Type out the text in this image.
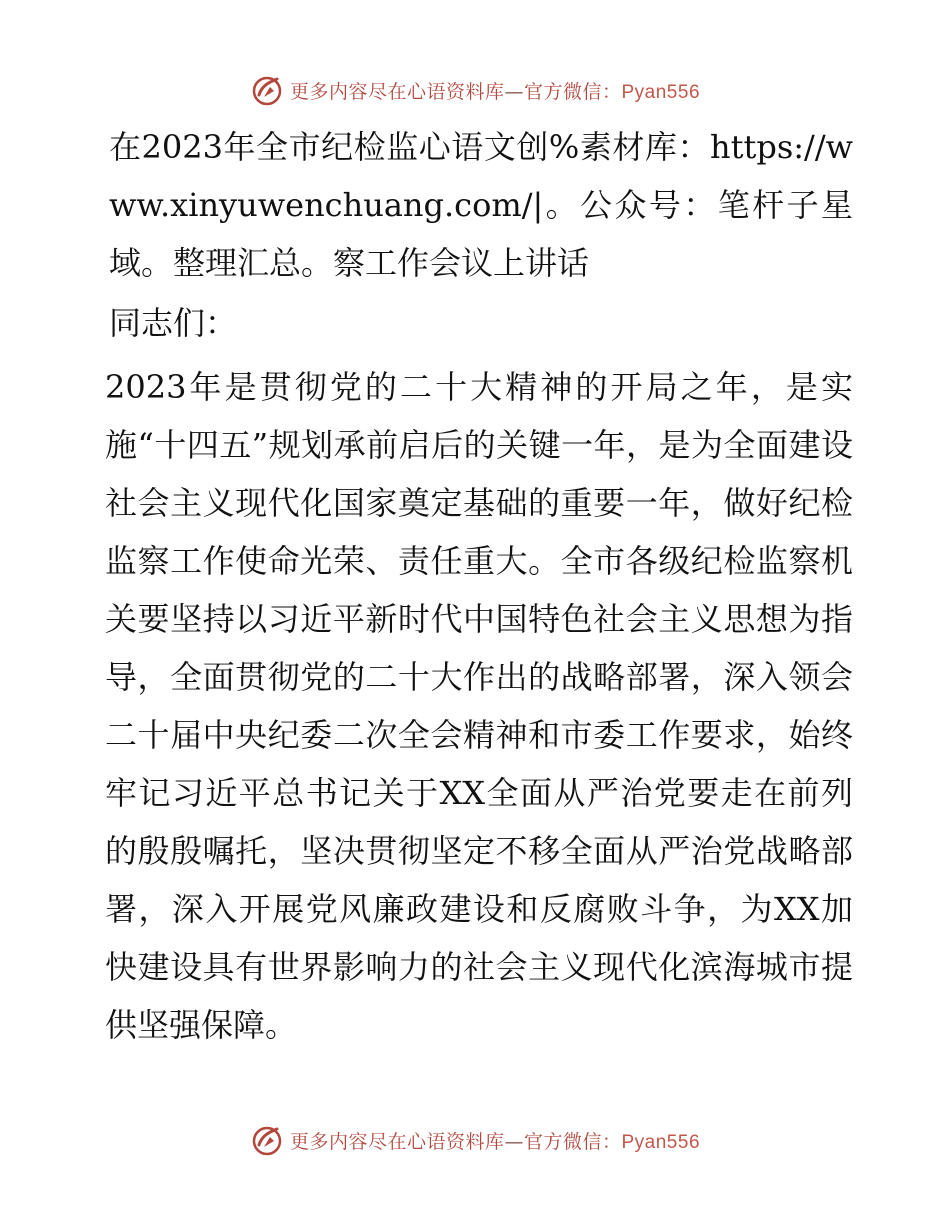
更多内容尽在心语资料库—官方微信：Pyan556

在2023年全市纪检监心语文创%素材库：https://www.xinyuwenchuang.com/|。公众号：笔杆子星域。整理汇总。察工作会议上讲话

同志们：

2023年是贯彻党的二十大精神的开局之年，是实施“十四五”规划承前启后的关键一年，是为全面建设社会主义现代化国家奠定基础的重要一年，做好纪检监察工作使命光荣、责任重大。全市各级纪检监察机关要坚持以习近平新时代中国特色社会主义思想为指导，全面贯彻党的二十大作出的战略部署，深入领会二十届中央纪委二次全会精神和市委工作要求，始终牢记习近平总书记关于XX全面从严治党要走在前列的殷殷嘱托，坚决贯彻坚定不移全面从严治党战略部署，深入开展党风廉政建设和反腐败斗争，为XX加快建设具有世界影响力的社会主义现代化滨海城市提供坚强保障。

更多内容尽在心语资料库—官方微信：Pyan556
